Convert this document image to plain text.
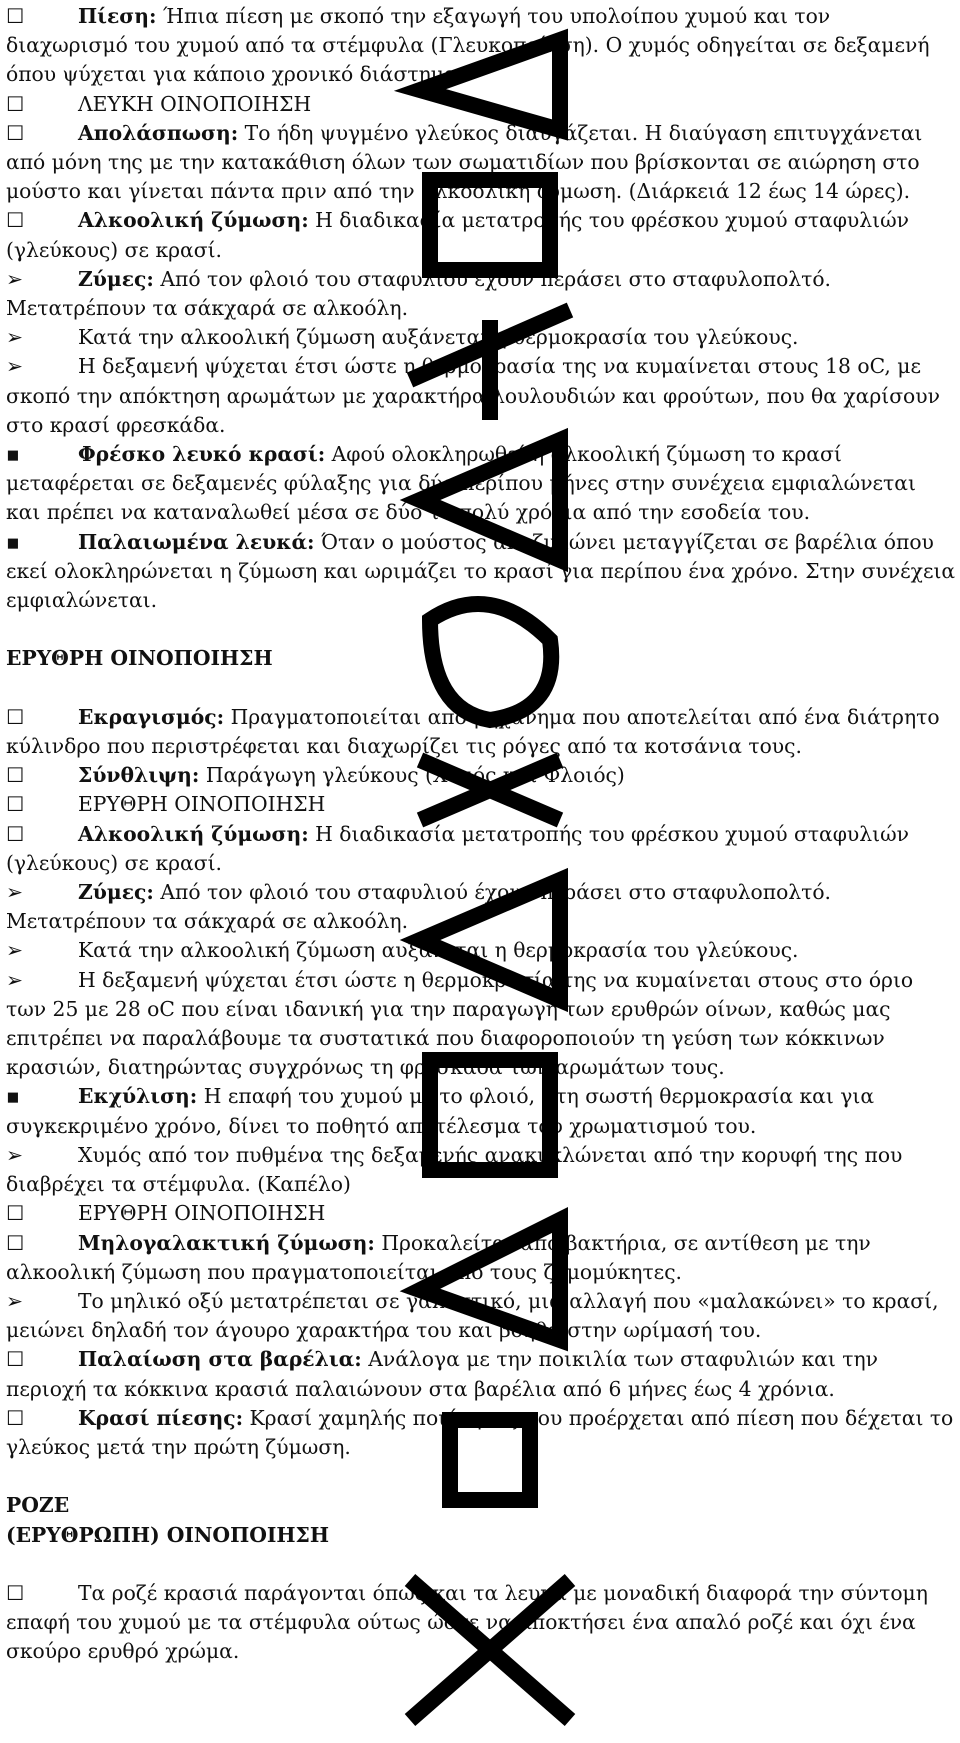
☐	Πίεση: Ήπια πίεση με σκοπό την εξαγωγή του υπολοίπου χυμού και τον διαχωρισμό του χυμού από τα στέμφυλα (Γλευκοποίηση). Ο χυμός οδηγείται σε δεξαμενή όπου ψύχεται για κάποιο χρονικό διάστημα.

☐	ΛΕΥΚΗ ΟΙΝΟΠΟΙΗΣΗ

☐	Απολάσπωση: Το ήδη ψυγμένο γλεύκος διαυγάζεται. Η διαύγαση επιτυγχάνεται από μόνη της με την κατακάθιση όλων των σωματιδίων που βρίσκονται σε αιώρηση στο μούστο και γίνεται πάντα πριν από την αλκοολική ζύμωση. (Διάρκειά 12 έως 14 ώρες).

☐	Αλκοολική ζύμωση: Η διαδικασία μετατροπής του φρέσκου χυμού σταφυλιών (γλεύκους) σε κρασί.

➢	Ζύμες: Από τον φλοιό του σταφυλιού έχουν περάσει στο σταφυλοπολτό. Μετατρέπουν τα σάκχαρά σε αλκοόλη.

➢	Κατά την αλκοολική ζύμωση αυξάνεται η θερμοκρασία του γλεύκους.

➢	Η δεξαμενή ψύχεται έτσι ώστε η θερμοκρασία της να κυμαίνεται στους 18 οC, με σκοπό την απόκτηση αρωμάτων με χαρακτήρα λουλουδιών και φρούτων, που θα χαρίσουν στο κρασί φρεσκάδα.

▪	Φρέσκο λευκό κρασί: Αφού ολοκληρωθεί η αλκοολική ζύμωση το κρασί μεταφέρεται σε δεξαμενές φύλαξης για δύο περίπου μήνες στην συνέχεια εμφιαλώνεται και πρέπει να καταναλωθεί μέσα σε δύο το πολύ χρόνια από την εσοδεία του.

▪	Παλαιωμένα λευκά: Όταν ο μούστος αποζυμώνει μεταγγίζεται σε βαρέλια όπου εκεί ολοκληρώνεται η ζύμωση και ωριμάζει το κρασί για περίπου ένα χρόνο. Στην συνέχεια εμφιαλώνεται.

ΕΡΥΘΡΗ ΟΙΝΟΠΟΙΗΣΗ

☐	Εκραγισμός: Πραγματοποιείται από μηχάνημα που αποτελείται από ένα διάτρητο κύλινδρο που περιστρέφεται και διαχωρίζει τις ρόγες από τα κοτσάνια τους.

☐	Σύνθλιψη: Παράγωγη γλεύκους (Χυμός και Φλοιός)

☐	ΕΡΥΘΡΗ ΟΙΝΟΠΟΙΗΣΗ

☐	Αλκοολική ζύμωση: Η διαδικασία μετατροπής του φρέσκου χυμού σταφυλιών (γλεύκους) σε κρασί.

➢	Ζύμες: Από τον φλοιό του σταφυλιού έχουν περάσει στο σταφυλοπολτό. Μετατρέπουν τα σάκχαρά σε αλκοόλη.

➢	Κατά την αλκοολική ζύμωση αυξάνεται η θερμοκρασία του γλεύκους.

➢	Η δεξαμενή ψύχεται έτσι ώστε η θερμοκρασία της να κυμαίνεται στους στο όριο των 25 με 28 οC που είναι ιδανική για την παραγωγή των ερυθρών οίνων, καθώς μας επιτρέπει να παραλάβουμε τα συστατικά που διαφοροποιούν τη γεύση των κόκκινων κρασιών, διατηρώντας συγχρόνως τη φρεσκάδα των αρωμάτων τους.

▪	Εκχύλιση: Η επαφή του χυμού με το φλοιό, στη σωστή θερμοκρασία και για συγκεκριμένο χρόνο, δίνει το ποθητό αποτέλεσμα του χρωματισμού του.

➢	Χυμός από τον πυθμένα της δεξαμενής ανακυκλώνεται από την κορυφή της που διαβρέχει τα στέμφυλα. (Καπέλο)

☐	ΕΡΥΘΡΗ ΟΙΝΟΠΟΙΗΣΗ

☐	Μηλογαλακτική ζύμωση: Προκαλείται από βακτήρια, σε αντίθεση με την αλκοολική ζύμωση που πραγματοποιείται από τους ζυμομύκητες.

➢	Το μηλικό οξύ μετατρέπεται σε γαλακτικό, μια αλλαγή που «μαλακώνει» το κρασί, μειώνει δηλαδή τον άγουρο χαρακτήρα του και βοηθά στην ωρίμασή του.

☐	Παλαίωση στα βαρέλια: Ανάλογα με την ποικιλία των σταφυλιών και την περιοχή τα κόκκινα κρασιά παλαιώνουν στα βαρέλια από 6 μήνες έως 4 χρόνια.

☐	Κρασί πίεσης: Κρασί χαμηλής ποιότητας που προέρχεται από πίεση που δέχεται το γλεύκος μετά την πρώτη ζύμωση.

ΡΟΖΕ
(ΕΡΥΘΡΩΠΗ) ΟΙΝΟΠΟΙΗΣΗ

☐	Τα ροζέ κρασιά παράγονται όπως και τα λευκά με μοναδική διαφορά την σύντομη επαφή του χυμού με τα στέμφυλα ούτως ώστε να αποκτήσει ένα απαλό ροζέ και όχι ένα σκούρο ερυθρό χρώμα.
